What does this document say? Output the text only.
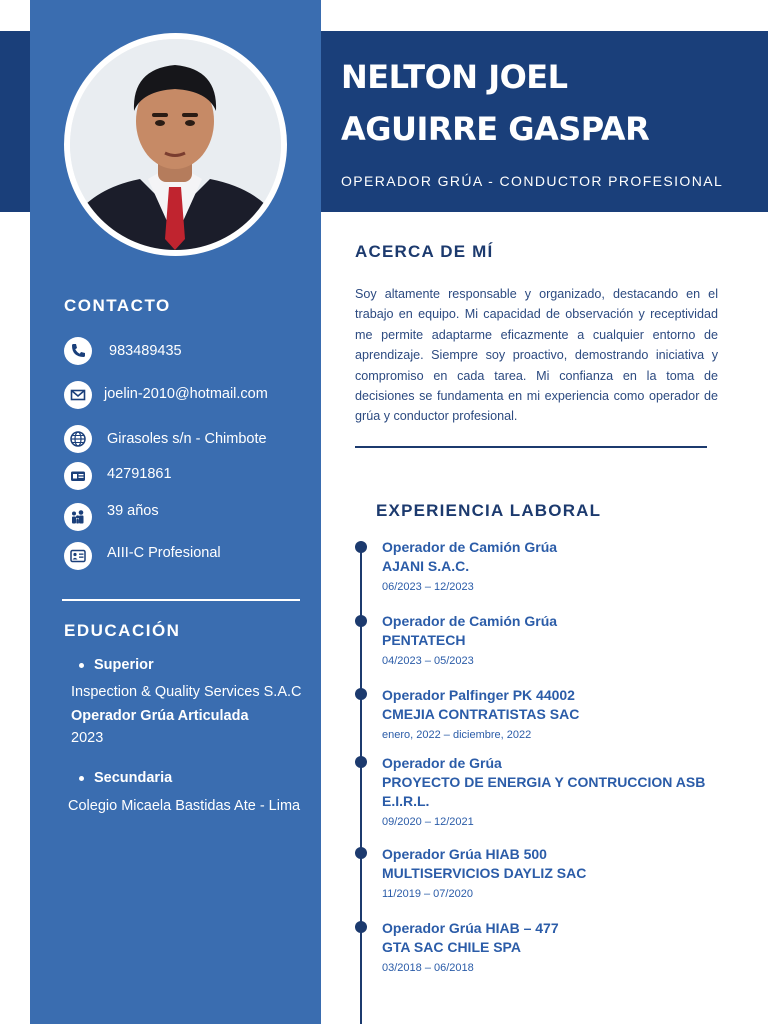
NELTON JOEL
AGUIRRE GASPAR
OPERADOR GRÚA - CONDUCTOR PROFESIONAL
CONTACTO
983489435
joelin-2010@hotmail.com
Girasoles s/n - Chimbote
42791861
39 años
AIII-C Profesional
EDUCACIÓN
Superior
Inspection & Quality Services S.A.C
Operador Grúa Articulada
2023
Secundaria
Colegio Micaela Bastidas Ate - Lima
ACERCA DE MÍ

Soy altamente responsable y organizado, destacando en el trabajo en equipo. Mi capacidad de observación y receptividad me permite adaptarme eficazmente a cualquier entorno de aprendizaje. Siempre soy proactivo, demostrando iniciativa y compromiso en cada tarea. Mi confianza en la toma de decisiones se fundamenta en mi experiencia como operador de grúa y conductor profesional.

EXPERIENCIA LABORAL
Operador de Camión Grúa
AJANI S.A.C.
06/2023 – 12/2023
Operador de Camión Grúa
PENTATECH
04/2023 – 05/2023
Operador Palfinger PK 44002
CMEJIA CONTRATISTAS SAC
enero, 2022 – diciembre, 2022
Operador de Grúa
PROYECTO DE ENERGIA Y CONTRUCCION ASB E.I.R.L.
09/2020 – 12/2021
Operador Grúa HIAB 500
MULTISERVICIOS DAYLIZ SAC
11/2019 – 07/2020
Operador Grúa HIAB – 477
GTA SAC CHILE SPA
03/2018 – 06/2018
